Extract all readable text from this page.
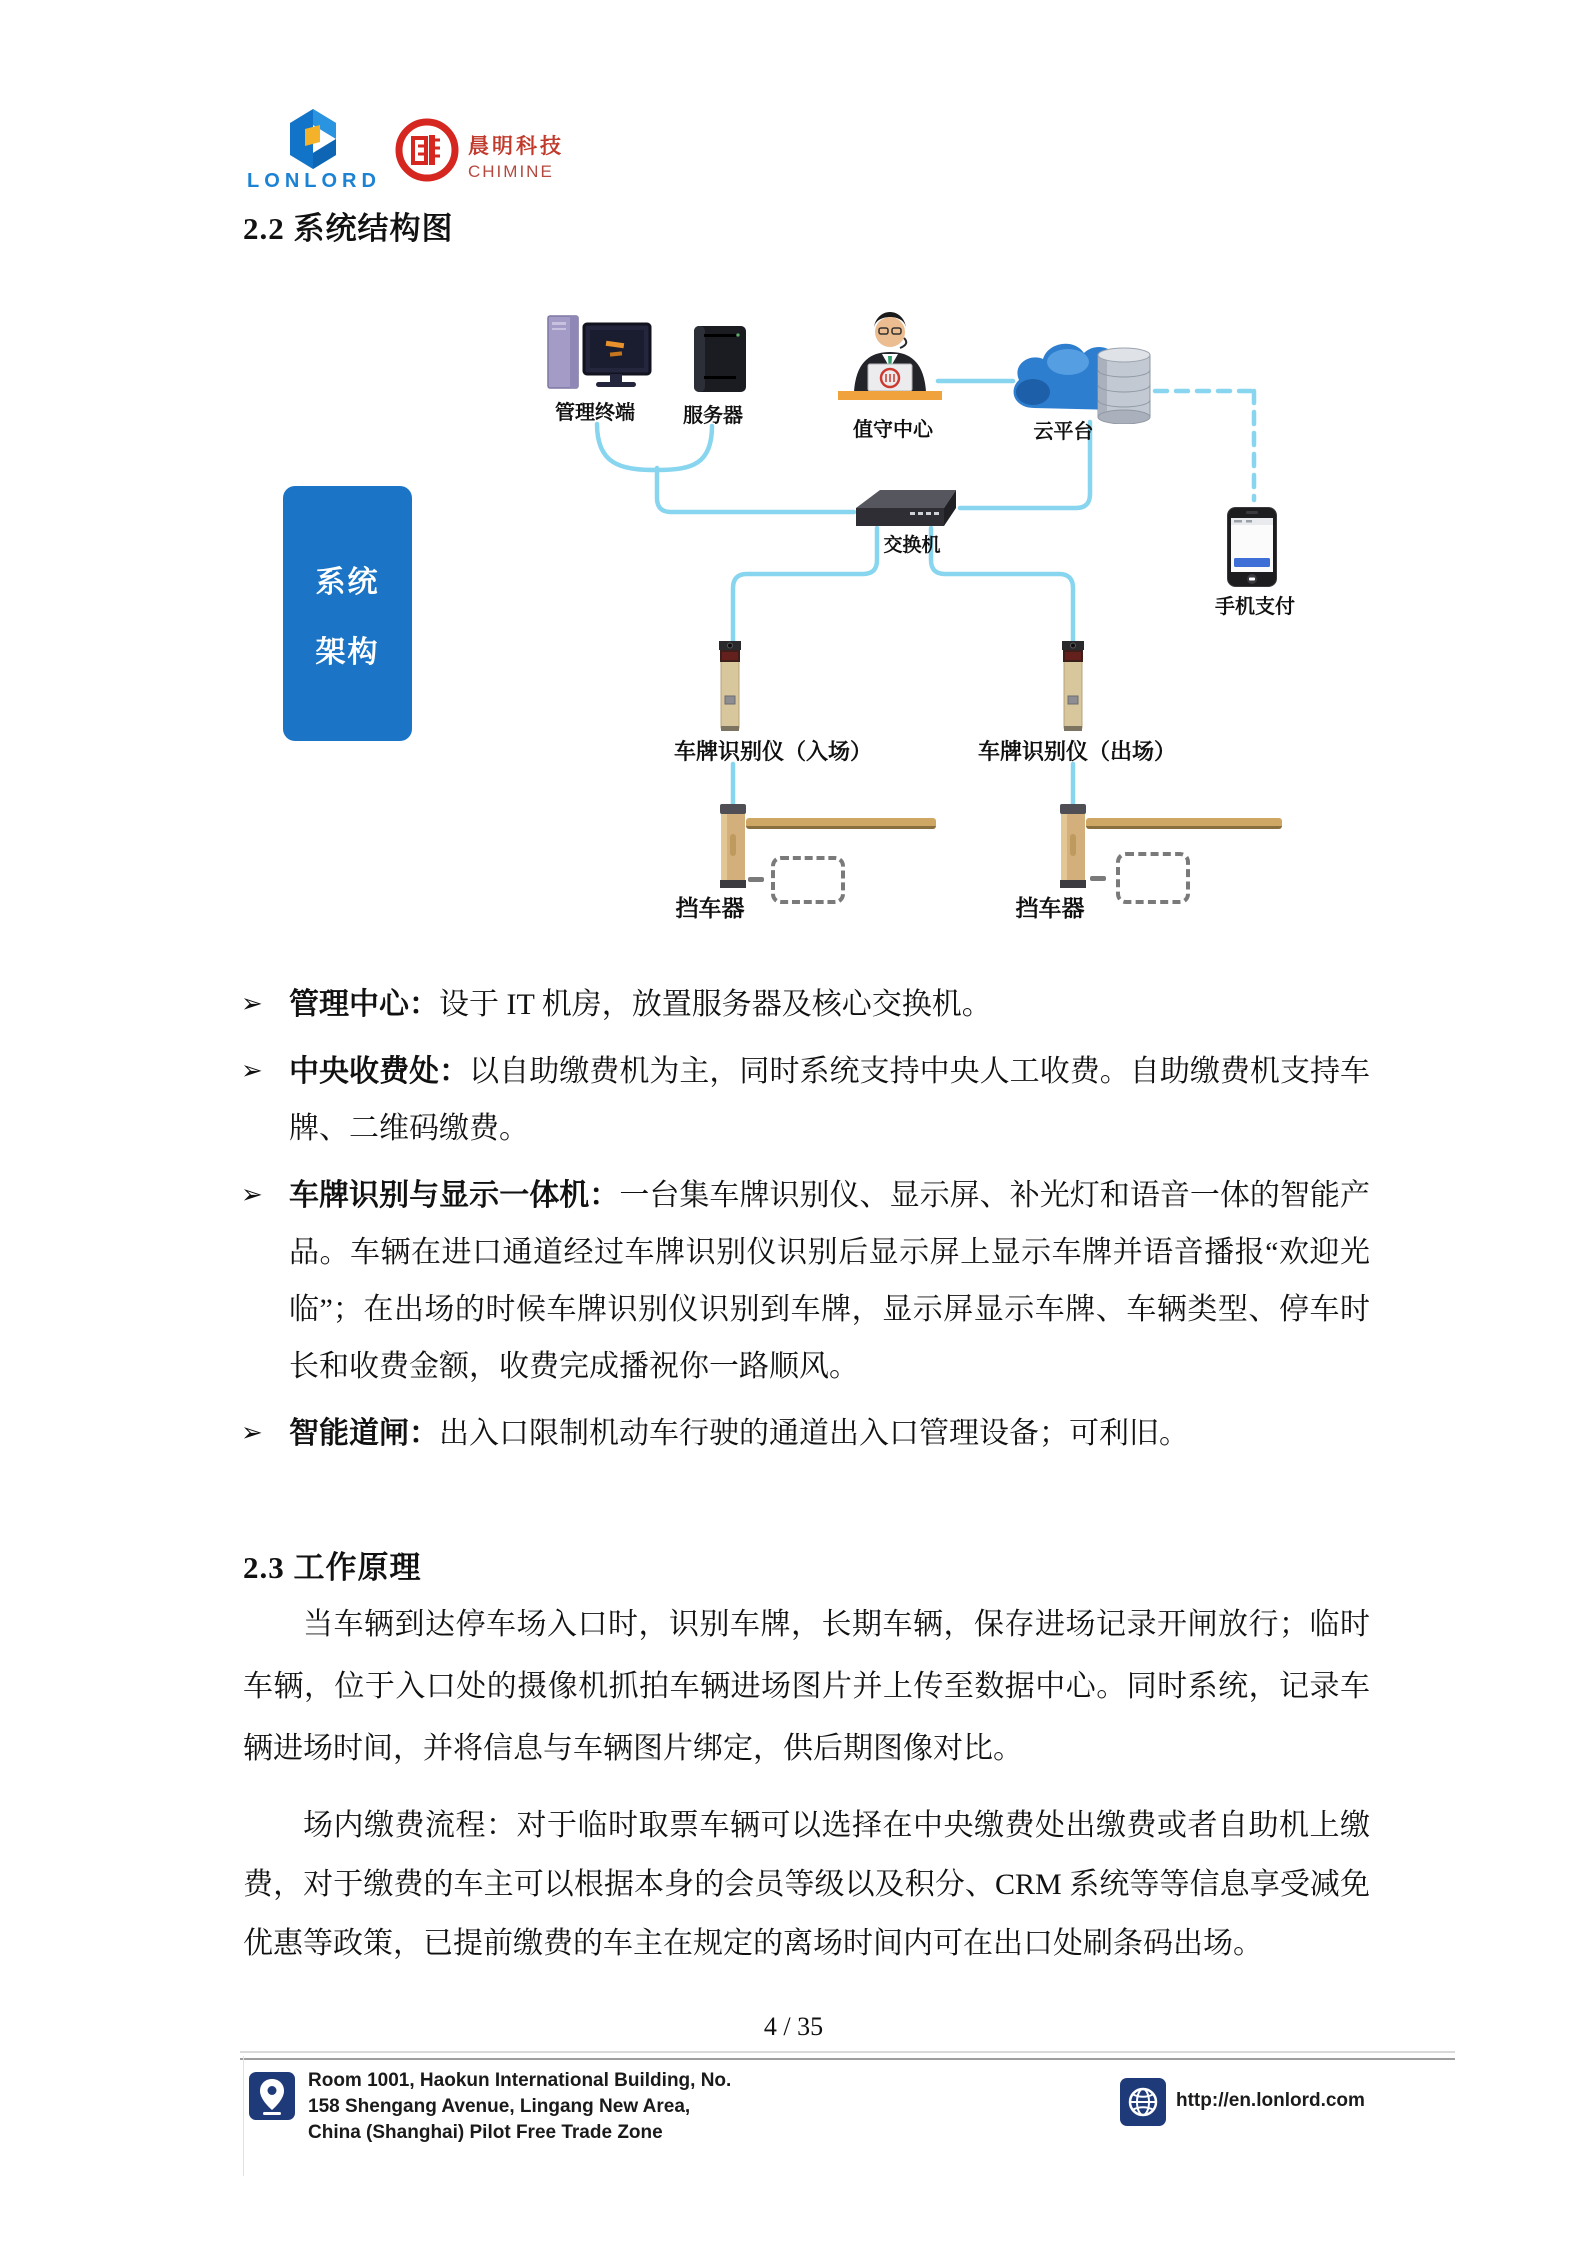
LONLORD
晨明科技
CHIMINE
2.2 系统结构图
系统
架构
管理终端	服务器
值守中心	云平台
交换机
手机支付
车牌识别仪（入场）	车牌识别仪（出场）
挡车器	挡车器
➢ 管理中心：设于 IT 机房，放置服务器及核心交换机。
➢ 中央收费处：以自助缴费机为主，同时系统支持中央人工收费。自助缴费机支持车牌、二维码缴费。
➢ 车牌识别与显示一体机：一台集车牌识别仪、显示屏、补光灯和语音一体的智能产品。车辆在进口通道经过车牌识别仪识别后显示屏上显示车牌并语音播报“欢迎光临”；在出场的时候车牌识别仪识别到车牌，显示屏显示车牌、车辆类型、停车时长和收费金额，收费完成播祝你一路顺风。
➢ 智能道闸：出入口限制机动车行驶的通道出入口管理设备；可利旧。
2.3 工作原理

当车辆到达停车场入口时，识别车牌，长期车辆，保存进场记录开闸放行；临时车辆，位于入口处的摄像机抓拍车辆进场图片并上传至数据中心。同时系统，记录车辆进场时间，并将信息与车辆图片绑定，供后期图像对比。

场内缴费流程：对于临时取票车辆可以选择在中央缴费处出缴费或者自助机上缴费，对于缴费的车主可以根据本身的会员等级以及积分、CRM 系统等等信息享受减免优惠等政策，已提前缴费的车主在规定的离场时间内可在出口处刷条码出场。

4 / 35
Room 1001, Haokun International Building, No.
158 Shengang Avenue, Lingang New Area,
China (Shanghai) Pilot Free Trade Zone
http://en.lonlord.com
